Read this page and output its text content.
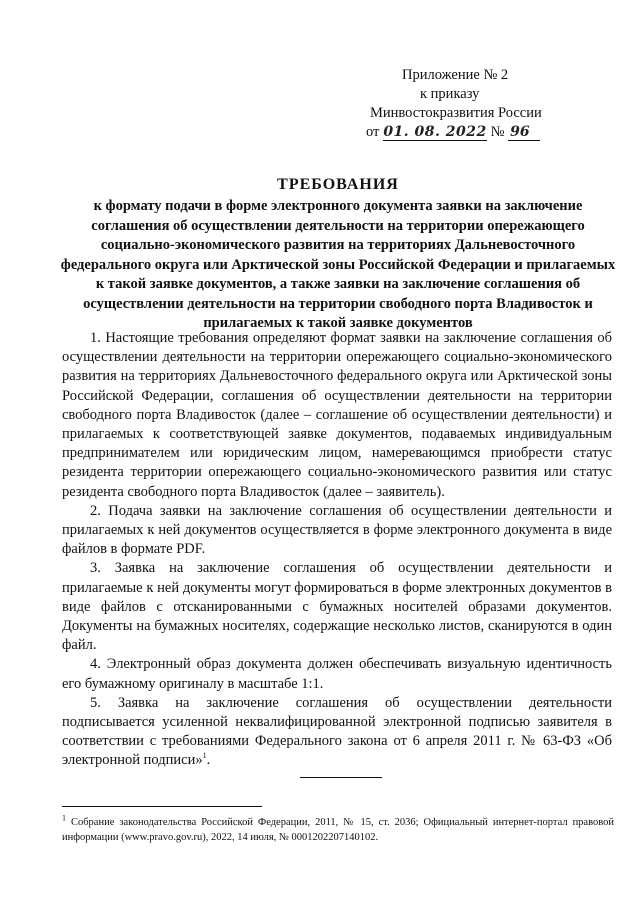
Приложение № 2
к приказу
Минвостокразвития России
от 01. 08. 2022 № 96
ТРЕБОВАНИЯ
к формату подачи в форме электронного документа заявки на заключение соглашения об осуществлении деятельности на территории опережающего социально-экономического развития на территориях Дальневосточного федерального округа или Арктической зоны Российской Федерации и прилагаемых к такой заявке документов, а также заявки на заключение соглашения об осуществлении деятельности на территории свободного порта Владивосток и прилагаемых к такой заявке документов

1. Настоящие требования определяют формат заявки на заключение соглашения об осуществлении деятельности на территории опережающего социально-экономического развития на территориях Дальневосточного федерального округа или Арктической зоны Российской Федерации, соглашения об осуществлении деятельности на территории свободного порта Владивосток (далее – соглашение об осуществлении деятельности) и прилагаемых к соответствующей заявке документов, подаваемых индивидуальным предпринимателем или юридическим лицом, намеревающимся приобрести статус резидента территории опережающего социально-экономического развития или статус резидента свободного порта Владивосток (далее – заявитель).

2. Подача заявки на заключение соглашения об осуществлении деятельности и прилагаемых к ней документов осуществляется в форме электронного документа в виде файлов в формате PDF.

3. Заявка на заключение соглашения об осуществлении деятельности и прилагаемые к ней документы могут формироваться в форме электронных документов в виде файлов с отсканированными с бумажных носителей образами документов. Документы на бумажных носителях, содержащие несколько листов, сканируются в один файл.

4. Электронный образ документа должен обеспечивать визуальную идентичность его бумажному оригиналу в масштабе 1:1.

5. Заявка на заключение соглашения об осуществлении деятельности подписывается усиленной неквалифицированной электронной подписью заявителя в соответствии с требованиями Федерального закона от 6 апреля 2011 г. № 63-ФЗ «Об электронной подписи»$^1$.

$^1$ Собрание законодательства Российской Федерации, 2011, № 15, ст. 2036; Официальный интернет-портал правовой информации (www.pravo.gov.ru), 2022, 14 июля, № 0001202207140102.
